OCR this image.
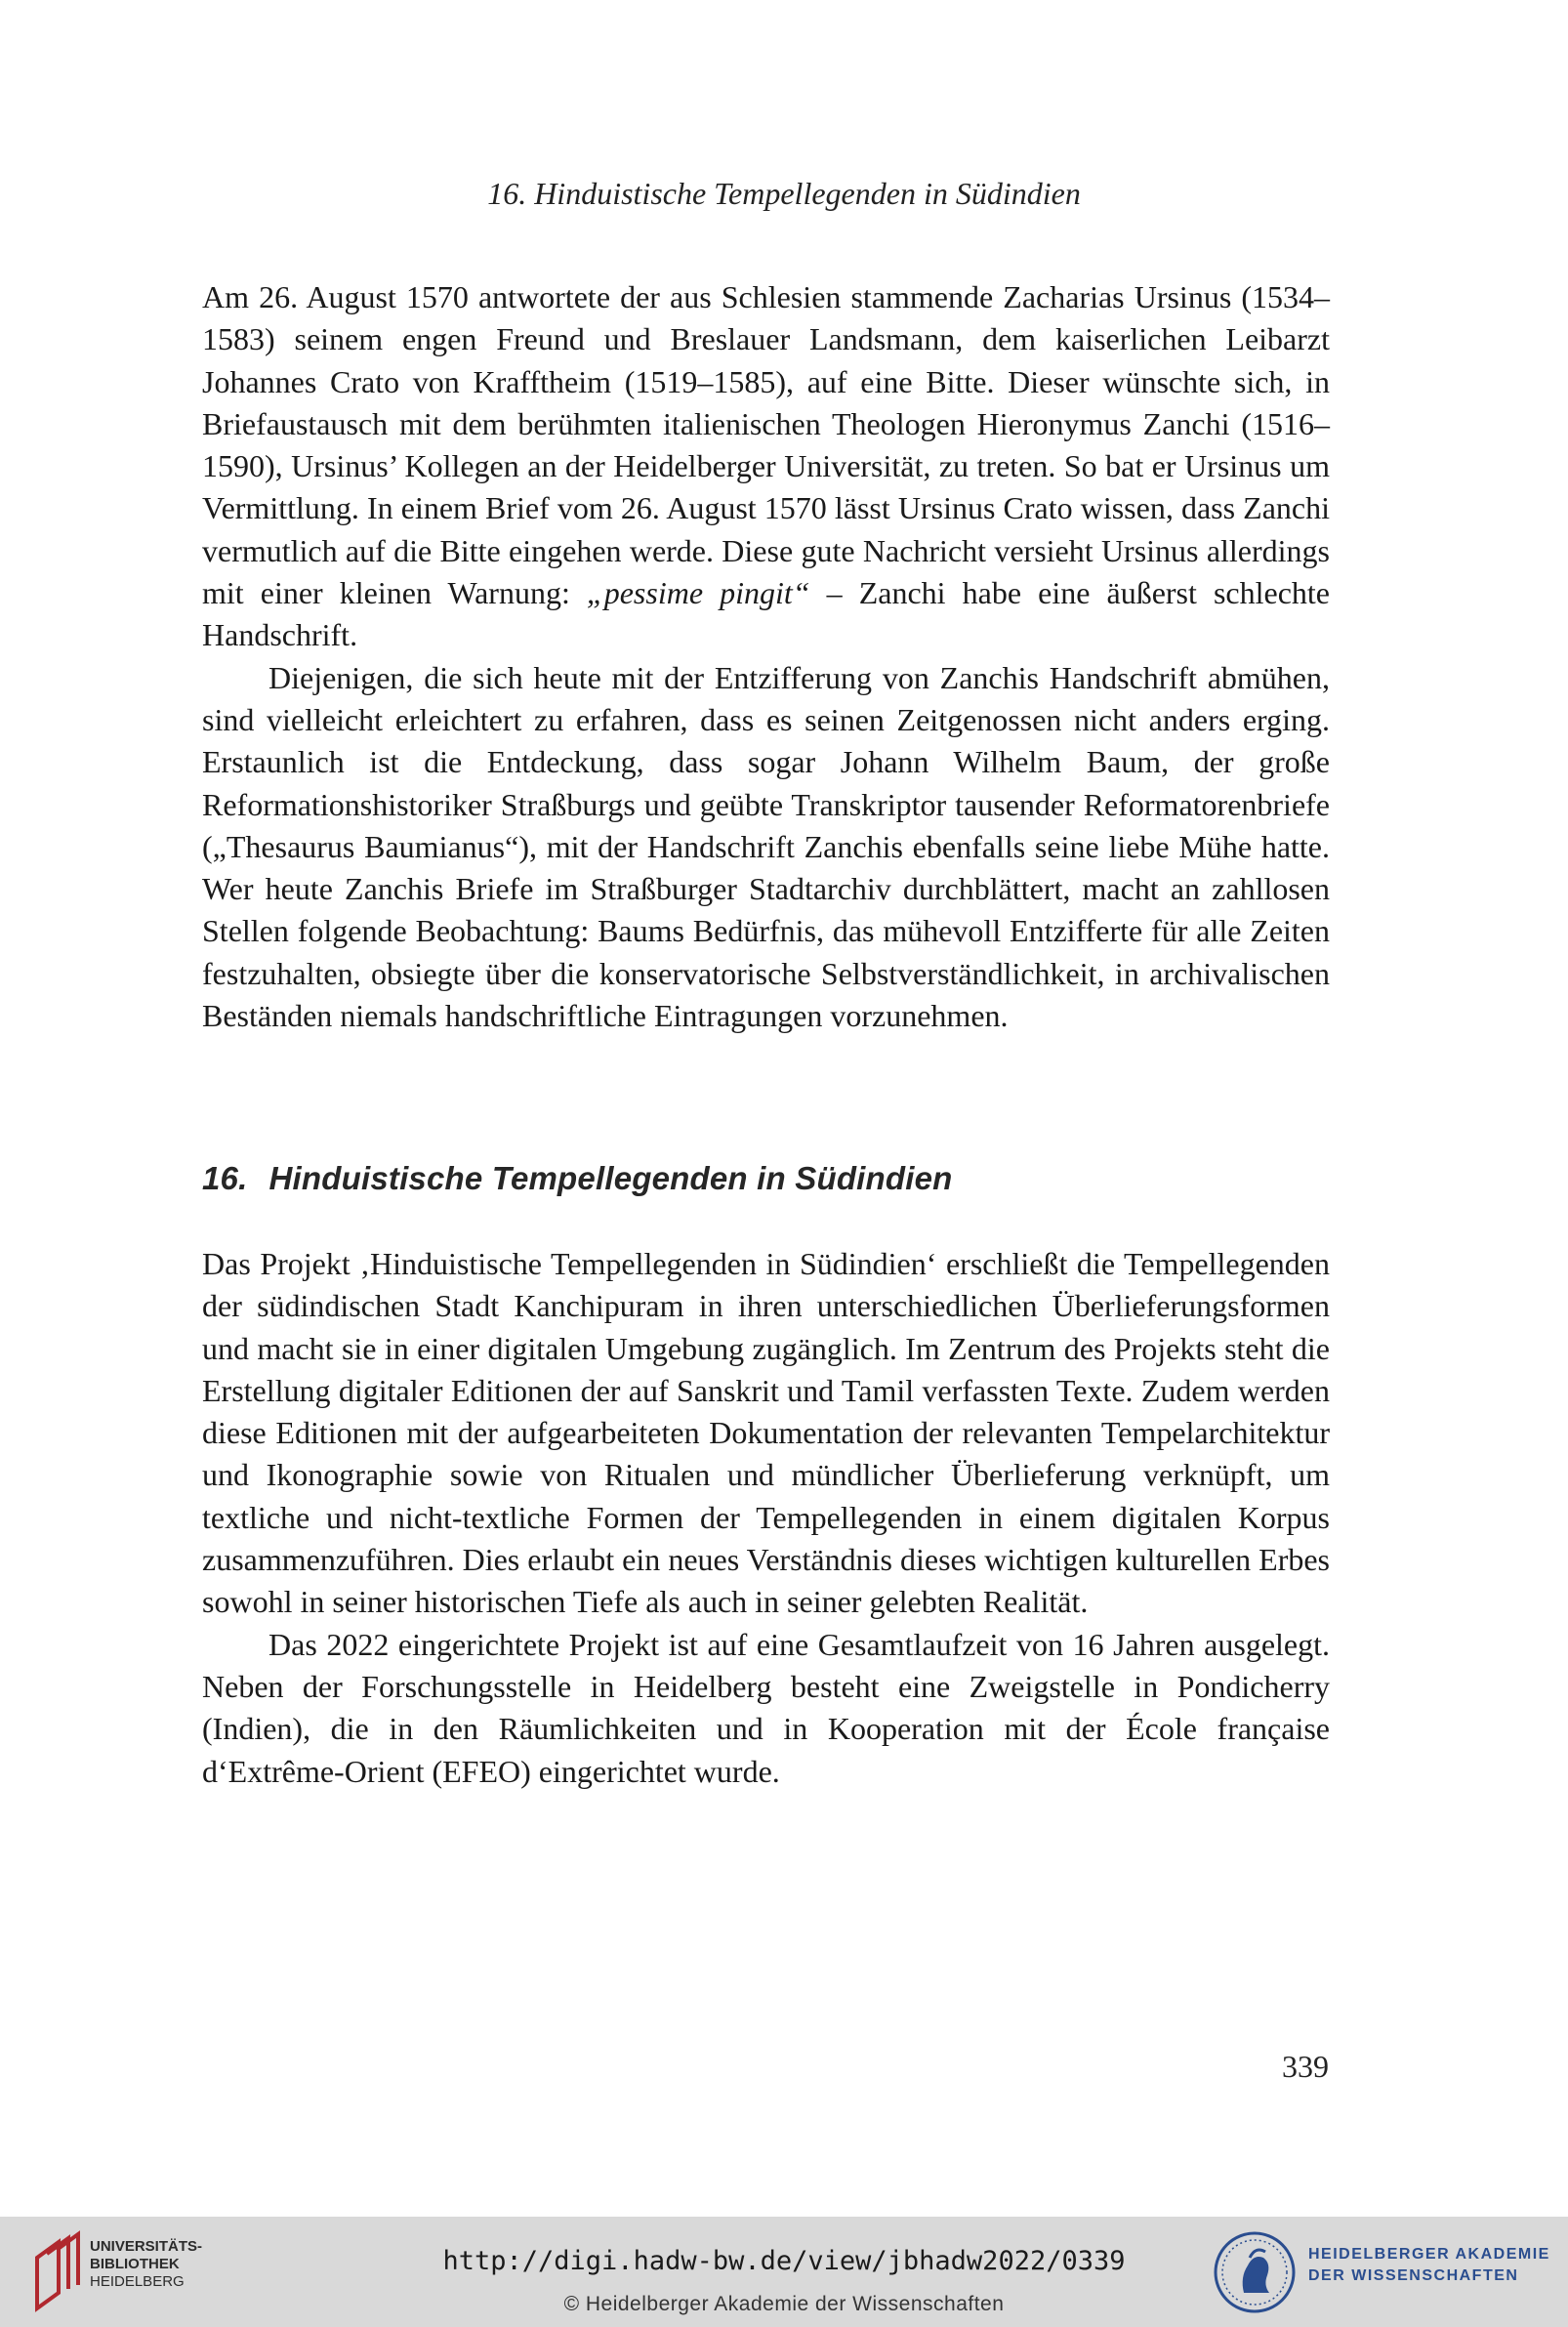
16. Hinduistische Tempellegenden in Südindien

Am 26. August 1570 antwortete der aus Schlesien stammende Zacharias Ursinus (1534–1583) seinem engen Freund und Breslauer Landsmann, dem kaiserlichen Leibarzt Johannes Crato von Krafftheim (1519–1585), auf eine Bitte. Dieser wünschte sich, in Briefaustausch mit dem berühmten italienischen Theologen Hieronymus Zanchi (1516–1590), Ursinus’ Kollegen an der Heidelberger Universität, zu treten. So bat er Ursinus um Vermittlung. In einem Brief vom 26. August 1570 lässt Ursinus Crato wissen, dass Zanchi vermutlich auf die Bitte eingehen werde. Diese gute Nachricht versieht Ursinus allerdings mit einer kleinen Warnung: „pessime pingit“ – Zanchi habe eine äußerst schlechte Handschrift.

Diejenigen, die sich heute mit der Entzifferung von Zanchis Handschrift abmühen, sind vielleicht erleichtert zu erfahren, dass es seinen Zeitgenossen nicht anders erging. Erstaunlich ist die Entdeckung, dass sogar Johann Wilhelm Baum, der große Reformationshistoriker Straßburgs und geübte Transkriptor tausender Reformatorenbriefe („Thesaurus Baumianus“), mit der Handschrift Zanchis ebenfalls seine liebe Mühe hatte. Wer heute Zanchis Briefe im Straßburger Stadtarchiv durchblättert, macht an zahllosen Stellen folgende Beobachtung: Baums Bedürfnis, das mühevoll Entzifferte für alle Zeiten festzuhalten, obsiegte über die konservatorische Selbstverständlichkeit, in archivalischen Beständen niemals handschriftliche Eintragungen vorzunehmen.

16. Hinduistische Tempellegenden in Südindien

Das Projekt ‚Hinduistische Tempellegenden in Südindien‘ erschließt die Tempellegenden der südindischen Stadt Kanchipuram in ihren unterschiedlichen Überlieferungsformen und macht sie in einer digitalen Umgebung zugänglich. Im Zentrum des Projekts steht die Erstellung digitaler Editionen der auf Sanskrit und Tamil verfassten Texte. Zudem werden diese Editionen mit der aufgearbeiteten Dokumentation der relevanten Tempelarchitektur und Ikonographie sowie von Ritualen und mündlicher Überlieferung verknüpft, um textliche und nicht-textliche Formen der Tempellegenden in einem digitalen Korpus zusammenzuführen. Dies erlaubt ein neues Verständnis dieses wichtigen kulturellen Erbes sowohl in seiner historischen Tiefe als auch in seiner gelebten Realität.

Das 2022 eingerichtete Projekt ist auf eine Gesamtlaufzeit von 16 Jahren ausgelegt. Neben der Forschungsstelle in Heidelberg besteht eine Zweigstelle in Pondicherry (Indien), die in den Räumlichkeiten und in Kooperation mit der École française d‘Extrême-Orient (EFEO) eingerichtet wurde.

339
UNIVERSITÄTS-
BIBLIOTHEK
HEIDELBERG
http://digi.hadw-bw.de/view/jbhadw2022/0339
© Heidelberger Akademie der Wissenschaften
HEIDELBERGER AKADEMIE
DER WISSENSCHAFTEN
